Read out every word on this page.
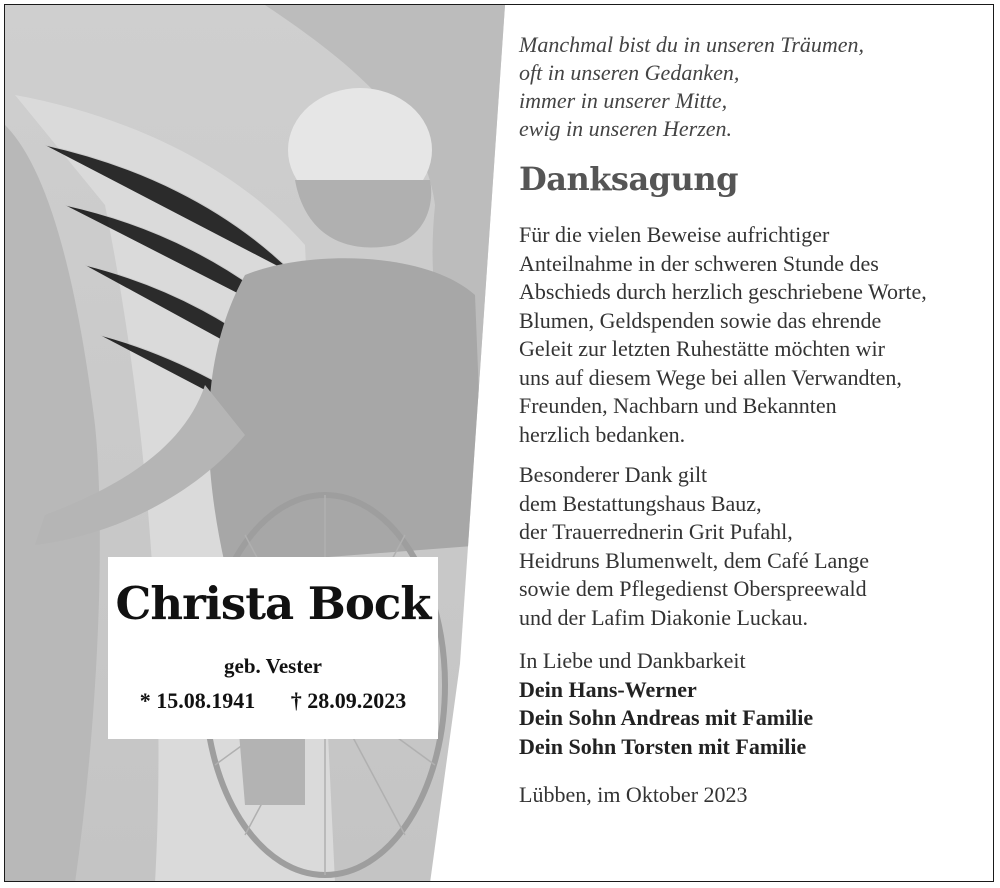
Christa Bock
geb. Vester
* 15.08.1941 † 28.09.2023
Manchmal bist du in unseren Träumen,
oft in unseren Gedanken,
immer in unserer Mitte,
ewig in unseren Herzen.
Danksagung
Für die vielen Beweise aufrichtiger
Anteilnahme in der schweren Stunde des
Abschieds durch herzlich geschriebene Worte,
Blumen, Geldspenden sowie das ehrende
Geleit zur letzten Ruhestätte möchten wir
uns auf diesem Wege bei allen Verwandten,
Freunden, Nachbarn und Bekannten
herzlich bedanken.
Besonderer Dank gilt
dem Bestattungshaus Bauz,
der Trauerrednerin Grit Pufahl,
Heidruns Blumenwelt, dem Café Lange
sowie dem Pflegedienst Oberspreewald
und der Lafim Diakonie Luckau.
In Liebe und Dankbarkeit
Dein Hans-Werner
Dein Sohn Andreas mit Familie
Dein Sohn Torsten mit Familie
Lübben, im Oktober 2023
